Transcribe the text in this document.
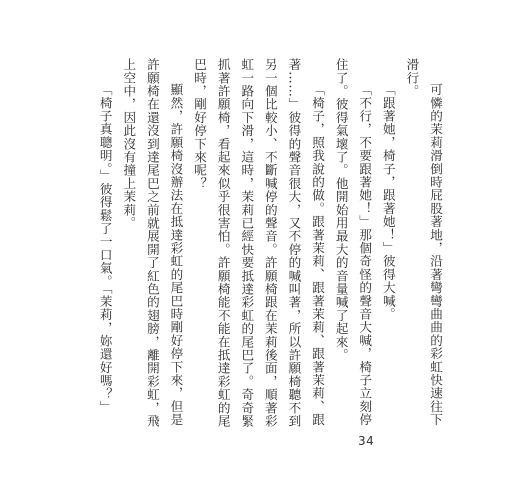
可憐的茉莉滑倒時屁股著地，沿著彎彎曲曲的彩虹快速往下滑行。

「跟著她，椅子，跟著她！」彼得大喊。

「不行，不要跟著她！」那個奇怪的聲音大喊，椅子立刻停住了。彼得氣壞了。他開始用最大的音量喊了起來。

「椅子，照我說的做。跟著茉莉、跟著茉莉、跟著茉莉、跟著……」彼得的聲音很大，又不停的喊叫著，所以許願椅聽不到另一個比較小、不斷喊停的聲音。許願椅跟在茉莉後面，順著彩虹一路向下滑，這時，茉莉已經快要抵達彩虹的尾巴了。奇奇緊抓著許願椅，看起來似乎很害怕。許願椅能不能在抵達彩虹的尾巴時，剛好停下來呢？

顯然，許願椅沒辦法在抵達彩虹的尾巴時剛好停下來，但是許願椅在還沒到達尾巴之前就展開了紅色的翅膀，離開彩虹，飛上空中，因此沒有撞上茉莉。

「椅子真聰明。」彼得鬆了一口氣。「茉莉，妳還好嗎？」

34
